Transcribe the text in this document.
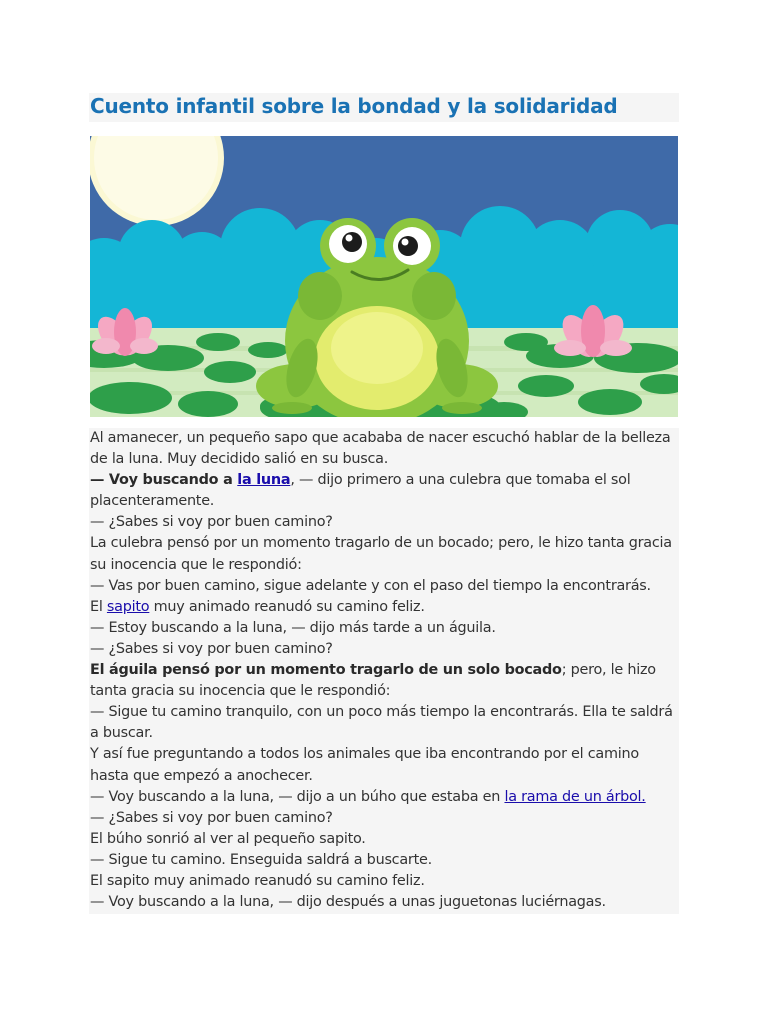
Cuento infantil sobre la bondad y la solidaridad

Al amanecer, un pequeño sapo que acababa de nacer escuchó hablar de la belleza de la luna. Muy decidido salió en su busca.

— Voy buscando a la luna, — dijo primero a una culebra que tomaba el sol placenteramente.

— ¿Sabes si voy por buen camino?

La culebra pensó por un momento tragarlo de un bocado; pero, le hizo tanta gracia su inocencia que le respondió:

— Vas por buen camino, sigue adelante y con el paso del tiempo la encontrarás.

El sapito muy animado reanudó su camino feliz.

— Estoy buscando a la luna, — dijo más tarde a un águila.

— ¿Sabes si voy por buen camino?

El águila pensó por un momento tragarlo de un solo bocado; pero, le hizo tanta gracia su inocencia que le respondió:

— Sigue tu camino tranquilo, con un poco más tiempo la encontrarás. Ella te saldrá a buscar.

Y así fue preguntando a todos los animales que iba encontrando por el camino hasta que empezó a anochecer.

— Voy buscando a la luna, — dijo a un búho que estaba en la rama de un árbol.

— ¿Sabes si voy por buen camino?

El búho sonrió al ver al pequeño sapito.

— Sigue tu camino. Enseguida saldrá a buscarte.

El sapito muy animado reanudó su camino feliz.

— Voy buscando a la luna, — dijo después a unas juguetonas luciérnagas.
